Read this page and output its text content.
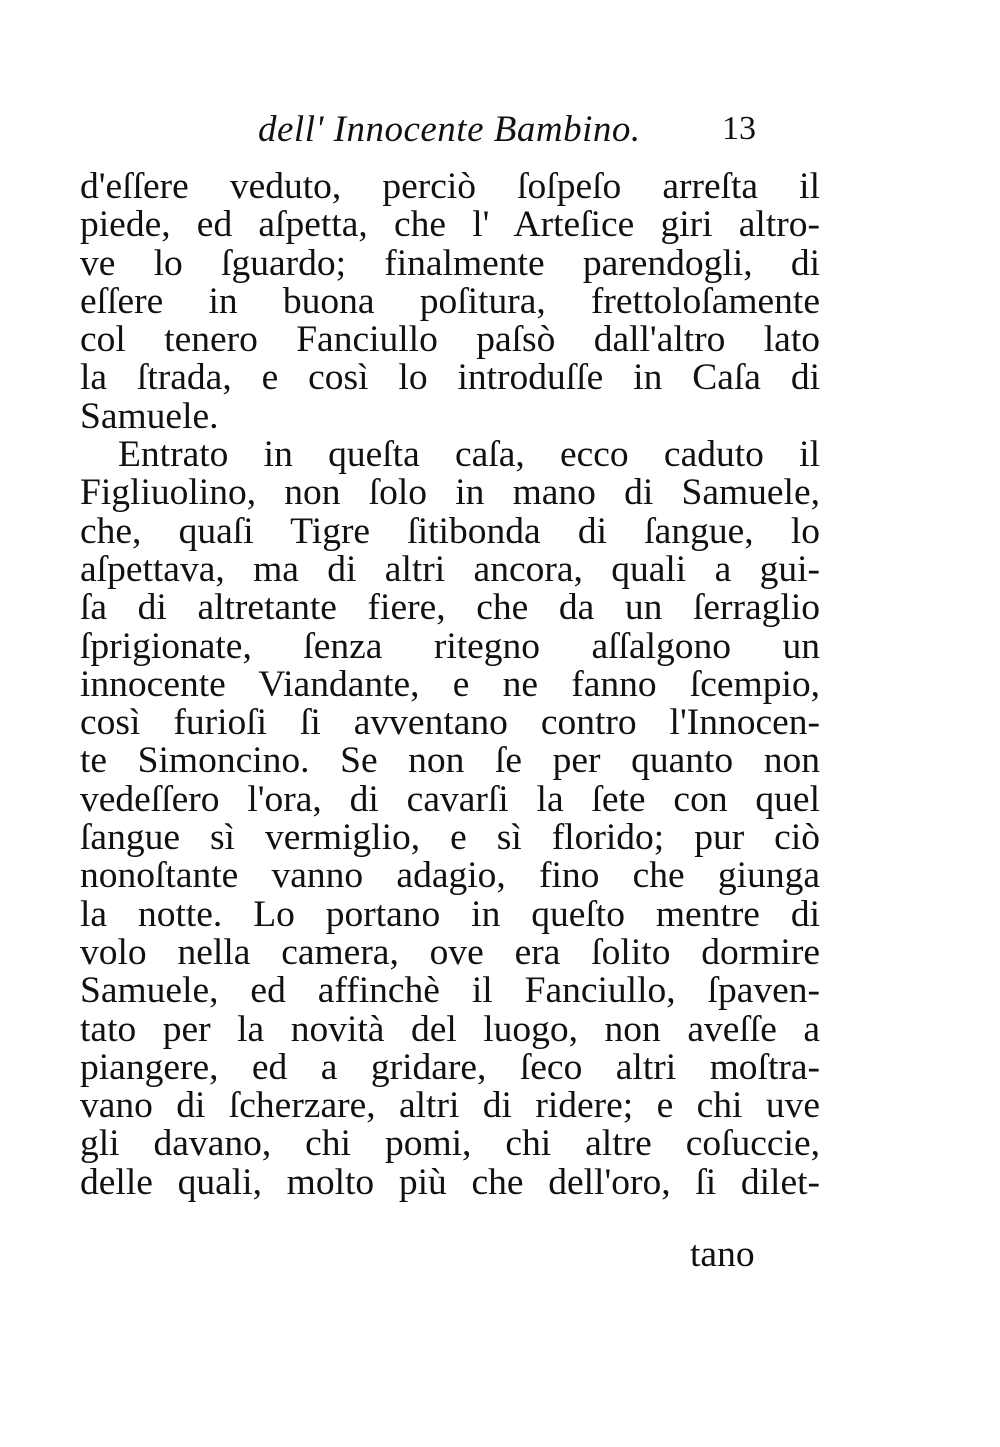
dell' Innocente Bambino. 13
d'eſſere veduto, perciò ſoſpeſo arreſta il
piede, ed aſpetta, che l' Arteſice giri altro-
ve lo ſguardo; finalmente parendogli, di
eſſere in buona poſitura, frettoloſamente
col tenero Fanciullo paſsò dall'altro lato
la ſtrada, e così lo introduſſe in Caſa di
Samuele.
Entrato in queſta caſa, ecco caduto il
Figliuolino, non ſolo in mano di Samuele,
che, quaſi Tigre ſitibonda di ſangue, lo
aſpettava, ma di altri ancora, quali a gui-
ſa di altretante fiere, che da un ſerraglio
ſprigionate, ſenza ritegno aſſalgono un
innocente Viandante, e ne fanno ſcempio,
così furioſi ſi avventano contro l'Innocen-
te Simoncino. Se non ſe per quanto non
vedeſſero l'ora, di cavarſi la ſete con quel
ſangue sì vermiglio, e sì florido; pur ciò
nonoſtante vanno adagio, fino che giunga
la notte. Lo portano in queſto mentre di
volo nella camera, ove era ſolito dormire
Samuele, ed affinchè il Fanciullo, ſpaven-
tato per la novità del luogo, non aveſſe a
piangere, ed a gridare, ſeco altri moſtra-
vano di ſcherzare, altri di ridere; e chi uve
gli davano, chi pomi, chi altre coſuccie,
delle quali, molto più che dell'oro, ſi dilet-
tano
